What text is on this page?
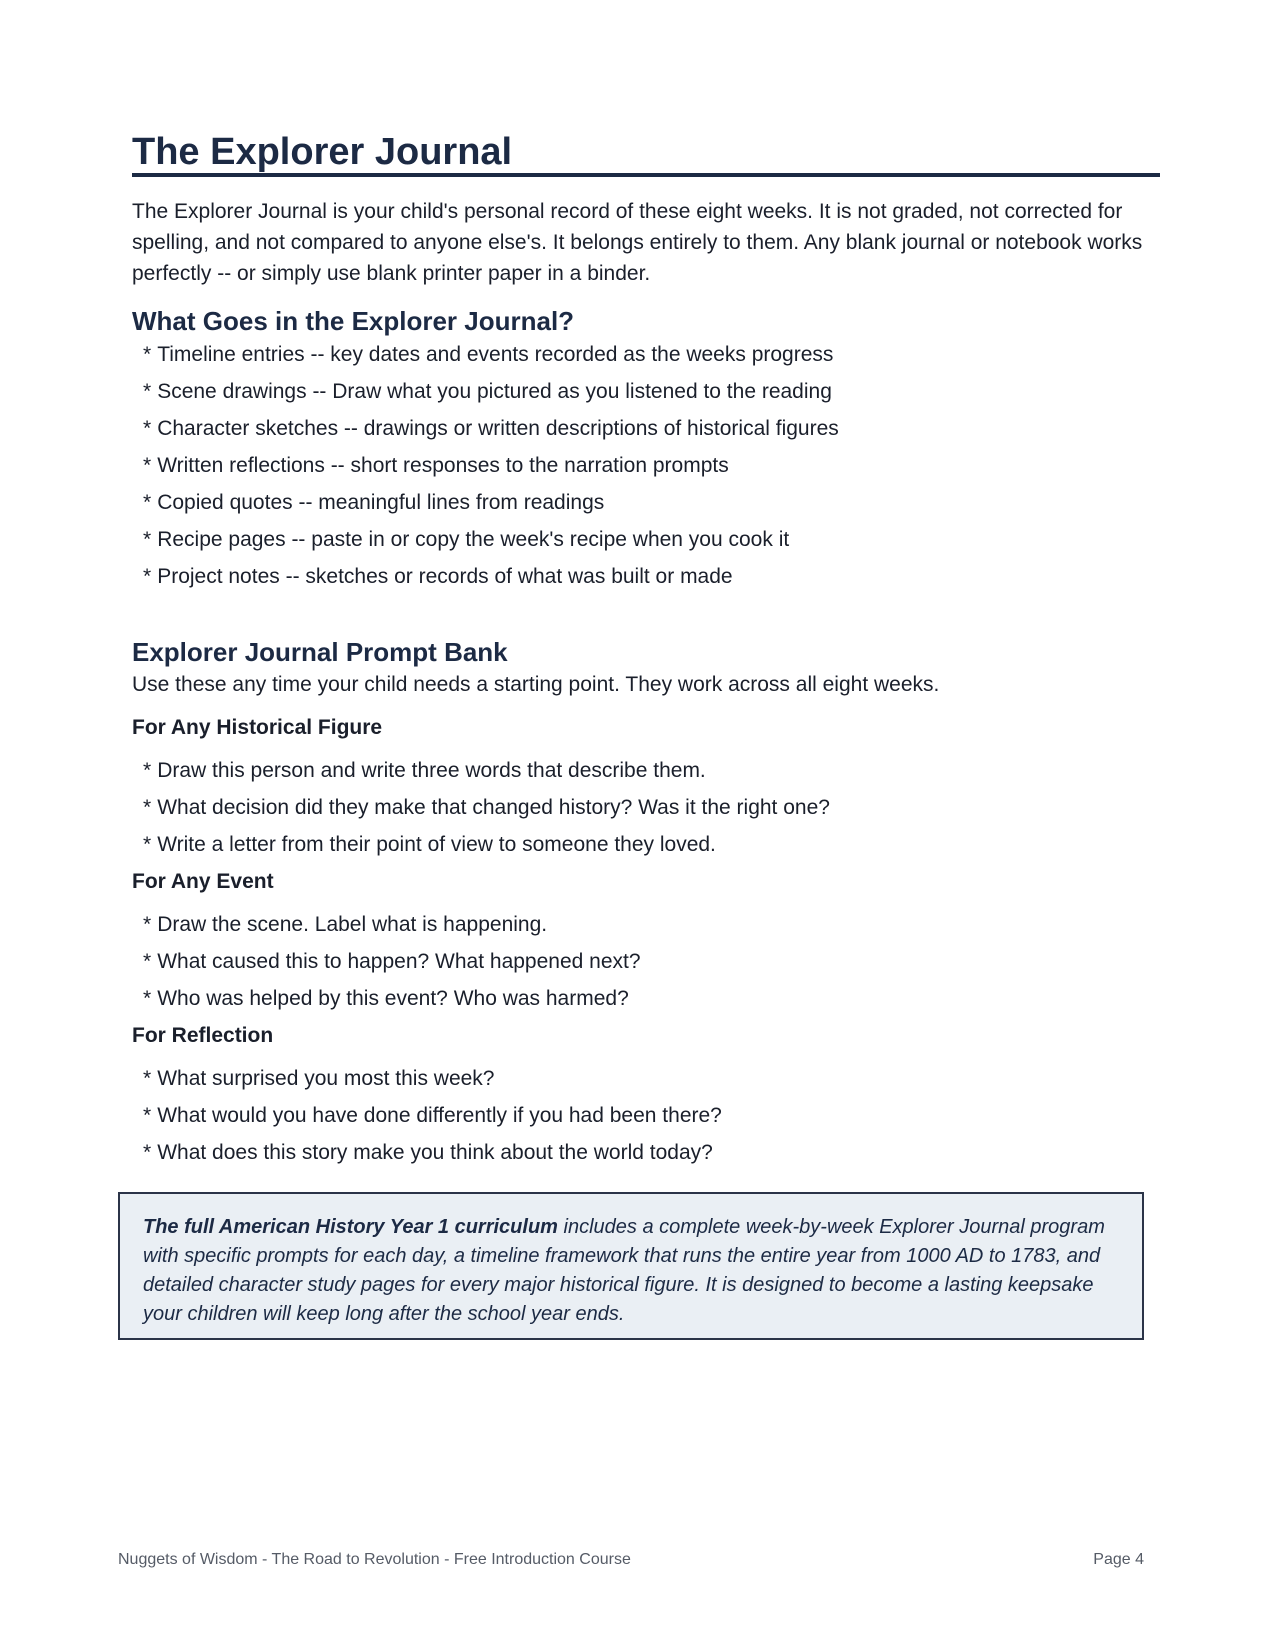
The Explorer Journal

The Explorer Journal is your child's personal record of these eight weeks. It is not graded, not corrected for spelling, and not compared to anyone else's. It belongs entirely to them. Any blank journal or notebook works perfectly -- or simply use blank printer paper in a binder.

What Goes in the Explorer Journal?
* Timeline entries -- key dates and events recorded as the weeks progress
* Scene drawings -- Draw what you pictured as you listened to the reading
* Character sketches -- drawings or written descriptions of historical figures
* Written reflections -- short responses to the narration prompts
* Copied quotes -- meaningful lines from readings
* Recipe pages -- paste in or copy the week's recipe when you cook it
* Project notes -- sketches or records of what was built or made
Explorer Journal Prompt Bank

Use these any time your child needs a starting point. They work across all eight weeks.

For Any Historical Figure
* Draw this person and write three words that describe them.
* What decision did they make that changed history? Was it the right one?
* Write a letter from their point of view to someone they loved.
For Any Event
* Draw the scene. Label what is happening.
* What caused this to happen? What happened next?
* Who was helped by this event? Who was harmed?
For Reflection
* What surprised you most this week?
* What would you have done differently if you had been there?
* What does this story make you think about the world today?
The full American History Year 1 curriculum includes a complete week-by-week Explorer Journal program with specific prompts for each day, a timeline framework that runs the entire year from 1000 AD to 1783, and detailed character study pages for every major historical figure. It is designed to become a lasting keepsake your children will keep long after the school year ends.
Nuggets of Wisdom - The Road to Revolution - Free Introduction Course	Page 4
